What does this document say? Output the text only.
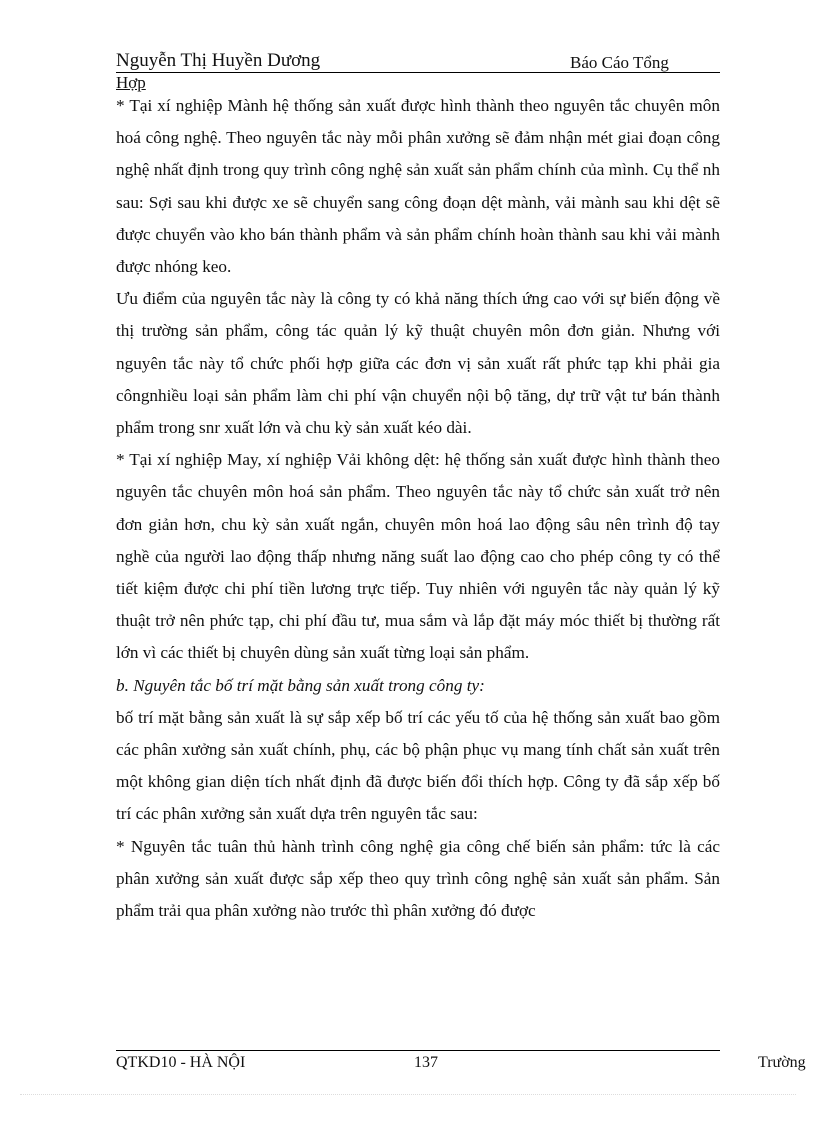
Nguyễn Thị Huyền Dương	Báo Cáo Tổng
Hợp

* Tại xí nghiệp Mành hệ thống sản xuất được hình thành theo nguyên tắc chuyên môn hoá công nghệ. Theo nguyên tắc này mỗi phân xưởng sẽ đảm nhận mét giai đoạn công nghệ nhất định trong quy trình công nghệ sản xuất sản phẩm chính của mình. Cụ thể nh sau: Sợi sau khi được xe sẽ chuyển sang công đoạn dệt mành, vải mành sau khi dệt sẽ được chuyển vào kho bán thành phẩm và sản phẩm chính hoàn thành sau khi vải mành được nhóng keo.

Ưu điểm của nguyên tắc này là công ty có khả năng thích ứng cao với sự biến động về thị trường sản phẩm, công tác quản lý kỹ thuật chuyên môn đơn giản. Nhưng với nguyên tắc này tổ chức phối hợp giữa các đơn vị sản xuất rất phức tạp khi phải gia côngnhiều loại sản phẩm làm chi phí vận chuyển nội bộ tăng, dự trữ vật tư bán thành phẩm trong snr xuất lớn và chu kỳ sản xuất kéo dài.

* Tại xí nghiệp May, xí nghiệp Vải không dệt: hệ thống sản xuất được hình thành theo nguyên tắc chuyên môn hoá sản phẩm. Theo nguyên tắc này tổ chức sản xuất trở nên đơn giản hơn, chu kỳ sản xuất ngắn, chuyên môn hoá lao động sâu nên trình độ tay nghề của người lao động thấp nhưng năng suất lao động cao cho phép công ty có thể tiết kiệm được chi phí tiền lương trực tiếp. Tuy nhiên với nguyên tắc này quản lý kỹ thuật trở nên phức tạp, chi phí đầu tư, mua sắm và lắp đặt máy móc thiết bị thường rất lớn vì các thiết bị chuyên dùng sản xuất từng loại sản phẩm.

b. Nguyên tắc bố trí mặt bằng sản xuất trong công ty:

bố trí mặt bằng sản xuất là sự sắp xếp bố trí các yếu tố của hệ thống sản xuất bao gồm các phân xưởng sản xuất chính, phụ, các bộ phận phục vụ mang tính chất sản xuất trên một không gian diện tích nhất định đã được biến đổi thích hợp. Công ty đã sắp xếp bố trí các phân xưởng sản xuất dựa trên nguyên tắc sau:

* Nguyên tắc tuân thủ hành trình công nghệ gia công chế biến sản phẩm: tức là các phân xưởng sản xuất được sắp xếp theo quy trình công nghệ sản xuất sản phẩm. Sản phẩm trải qua phân xưởng nào trước thì phân xưởng đó được

QTKD10 - HÀ NỘI	137	Trường
